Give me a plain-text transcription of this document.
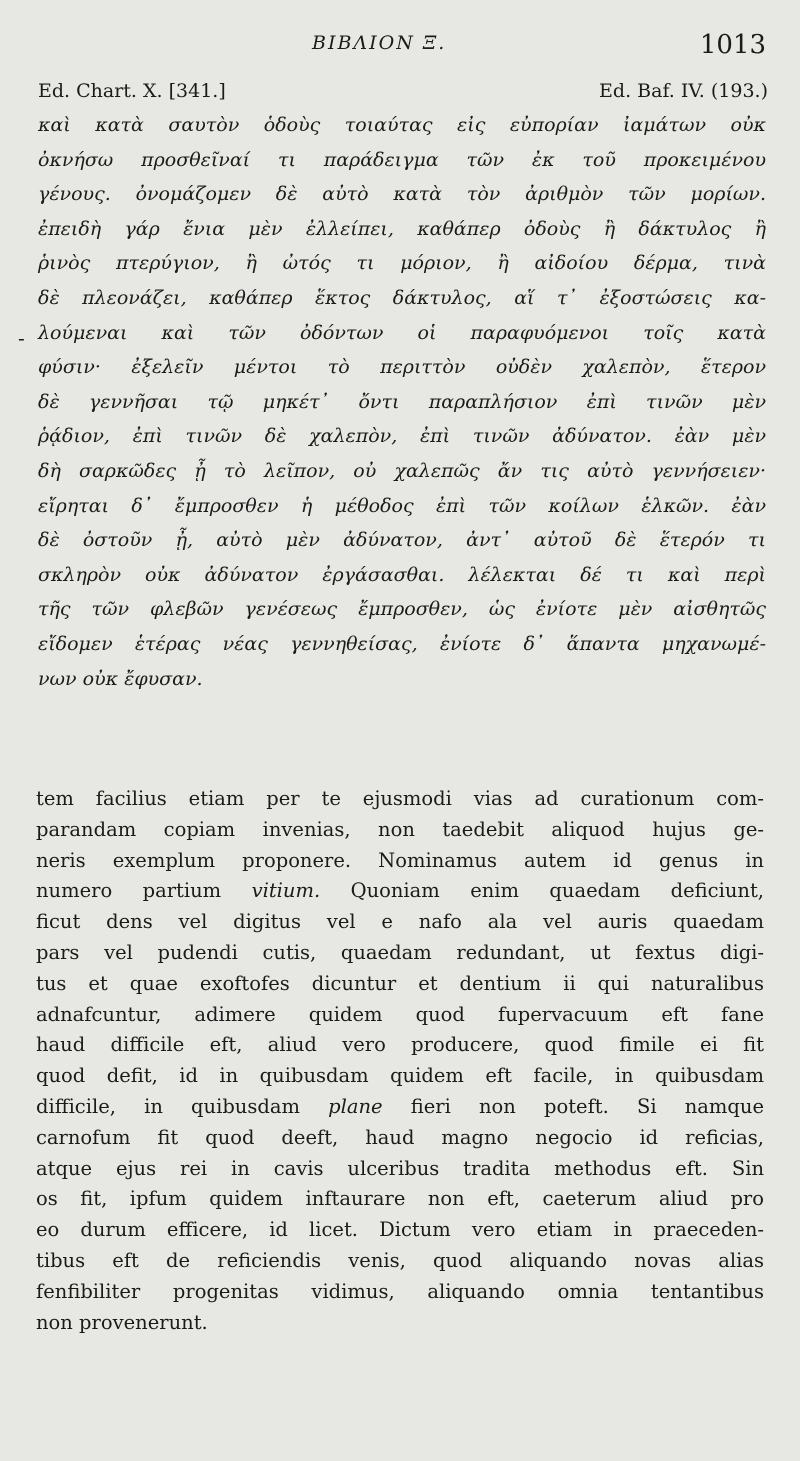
ΒΙΒΛΙΟΝ Ξ.	1013
Ed. Chart. X. [341.]	Ed. Baf. IV. (193.)
-
καὶ κατὰ σαυτὸν ὁδοὺς τοιαύτας εἰς εὐπορίαν ἰαμάτων οὐκ
ὀκνήσω προσθεῖναί τι παράδειγμα τῶν ἐκ τοῦ προκειμένου
γένους. ὀνομάζομεν δὲ αὐτὸ κατὰ τὸν ἀριθμὸν τῶν μορίων.
ἐπειδὴ γάρ ἔνια μὲν ἐλλείπει, καθάπερ ὀδοὺς ἢ δάκτυλος ἢ
ῥινὸς πτερύγιον, ἢ ὠτός τι μόριον, ἢ αἰδοίου δέρμα, τινὰ
δὲ πλεονάζει, καθάπερ ἕκτος δάκτυλος, αἵ τ᾽ ἐξοστώσεις κα-
λούμεναι καὶ τῶν ὀδόντων οἱ παραφυόμενοι τοῖς κατὰ
φύσιν· ἐξελεῖν μέντοι τὸ περιττὸν οὐδὲν χαλεπὸν, ἕτερον
δὲ γεννῆσαι τῷ μηκέτ᾽ ὄντι παραπλήσιον ἐπὶ τινῶν μὲν
ῥᾴδιον, ἐπὶ τινῶν δὲ χαλεπὸν, ἐπὶ τινῶν ἀδύνατον. ἐὰν μὲν
δὴ σαρκῶδες ᾖ τὸ λεῖπον, οὐ χαλεπῶς ἄν τις αὐτὸ γεννήσειεν·
εἴρηται δ᾽ ἔμπροσθεν ἡ μέθοδος ἐπὶ τῶν κοίλων ἑλκῶν. ἐὰν
δὲ ὀστοῦν ᾖ, αὐτὸ μὲν ἀδύνατον, ἀντ᾽ αὐτοῦ δὲ ἕτερόν τι
σκληρὸν οὐκ ἀδύνατον ἐργάσασθαι. λέλεκται δέ τι καὶ περὶ
τῆς τῶν φλεβῶν γενέσεως ἔμπροσθεν, ὡς ἐνίοτε μὲν αἰσθητῶς
εἴδομεν ἑτέρας νέας γεννηθείσας, ἐνίοτε δ᾽ ἅπαντα μηχανωμέ-
νων οὐκ ἔφυσαν.
tem facilius etiam per te ejusmodi vias ad curationum com-
parandam copiam invenias, non taedebit aliquod hujus ge-
neris exemplum proponere. Nominamus autem id genus in
numero partium vitium. Quoniam enim quaedam deficiunt,
ficut dens vel digitus vel e nafo ala vel auris quaedam
pars vel pudendi cutis, quaedam redundant, ut fextus digi-
tus et quae exoftofes dicuntur et dentium ii qui naturalibus
adnafcuntur, adimere quidem quod fupervacuum eft fane
haud difficile eft, aliud vero producere, quod fimile ei fit
quod defit, id in quibusdam quidem eft facile, in quibusdam
difficile, in quibusdam plane fieri non poteft. Si namque
carnofum fit quod deeft, haud magno negocio id reficias,
atque ejus rei in cavis ulceribus tradita methodus eft. Sin
os fit, ipfum quidem inftaurare non eft, caeterum aliud pro
eo durum efficere, id licet. Dictum vero etiam in praeceden-
tibus eft de reficiendis venis, quod aliquando novas alias
fenfibiliter progenitas vidimus, aliquando omnia tentantibus
non provenerunt.
